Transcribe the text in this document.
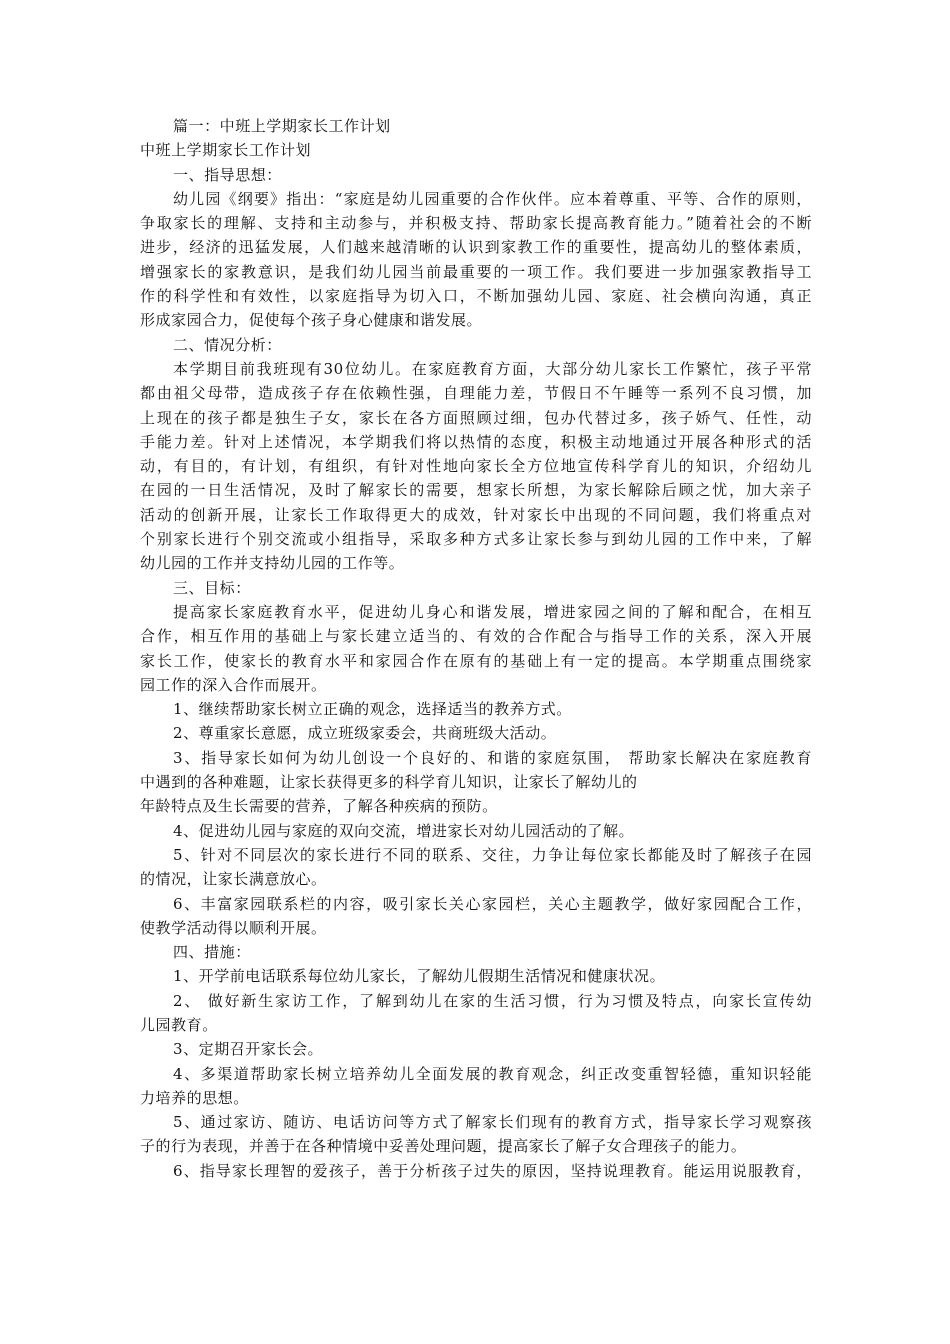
篇一：中班上学期家长工作计划
中班上学期家长工作计划
一、指导思想：
幼儿园《纲要》指出：“家庭是幼儿园重要的合作伙伴。应本着尊重、平等、合作的原则，
争取家长的理解、支持和主动参与，并积极支持、帮助家长提高教育能力。”随着社会的不断
进步，经济的迅猛发展，人们越来越清晰的认识到家教工作的重要性，提高幼儿的整体素质，
增强家长的家教意识，是我们幼儿园当前最重要的一项工作。我们要进一步加强家教指导工
作的科学性和有效性，以家庭指导为切入口，不断加强幼儿园、家庭、社会横向沟通，真正
形成家园合力，促使每个孩子身心健康和谐发展。
二、情况分析：
本学期目前我班现有30位幼儿。在家庭教育方面，大部分幼儿家长工作繁忙，孩子平常
都由祖父母带，造成孩子存在依赖性强，自理能力差，节假日不午睡等一系列不良习惯，加
上现在的孩子都是独生子女，家长在各方面照顾过细，包办代替过多，孩子娇气、任性，动
手能力差。针对上述情况，本学期我们将以热情的态度，积极主动地通过开展各种形式的活
动，有目的，有计划，有组织，有针对性地向家长全方位地宣传科学育儿的知识，介绍幼儿
在园的一日生活情况，及时了解家长的需要，想家长所想，为家长解除后顾之忧，加大亲子
活动的创新开展，让家长工作取得更大的成效，针对家长中出现的不同问题，我们将重点对
个别家长进行个别交流或小组指导，采取多种方式多让家长参与到幼儿园的工作中来，了解
幼儿园的工作并支持幼儿园的工作等。
三、目标：
提高家长家庭教育水平，促进幼儿身心和谐发展，增进家园之间的了解和配合，在相互
合作，相互作用的基础上与家长建立适当的、有效的合作配合与指导工作的关系，深入开展
家长工作，使家长的教育水平和家园合作在原有的基础上有一定的提高。本学期重点围绕家
园工作的深入合作而展开。
1、继续帮助家长树立正确的观念，选择适当的教养方式。
2、尊重家长意愿，成立班级家委会，共商班级大活动。
3、指导家长如何为幼儿创设一个良好的、和谐的家庭氛围， 帮助家长解决在家庭教育
中遇到的各种难题，让家长获得更多的科学育儿知识，让家长了解幼儿的
年龄特点及生长需要的营养，了解各种疾病的预防。
4、促进幼儿园与家庭的双向交流，增进家长对幼儿园活动的了解。
5、针对不同层次的家长进行不同的联系、交往，力争让每位家长都能及时了解孩子在园
的情况，让家长满意放心。
6、丰富家园联系栏的内容，吸引家长关心家园栏，关心主题教学，做好家园配合工作，
使教学活动得以顺利开展。
四、措施：
1、开学前电话联系每位幼儿家长，了解幼儿假期生活情况和健康状况。
2、 做好新生家访工作，了解到幼儿在家的生活习惯，行为习惯及特点，向家长宣传幼
儿园教育。
3、定期召开家长会。
4、多渠道帮助家长树立培养幼儿全面发展的教育观念，纠正改变重智轻德，重知识轻能
力培养的思想。
5、通过家访、随访、电话访问等方式了解家长们现有的教育方式，指导家长学习观察孩
子的行为表现，并善于在各种情境中妥善处理问题，提高家长了解子女合理孩子的能力。
6、指导家长理智的爱孩子，善于分析孩子过失的原因，坚持说理教育。能运用说服教育，
